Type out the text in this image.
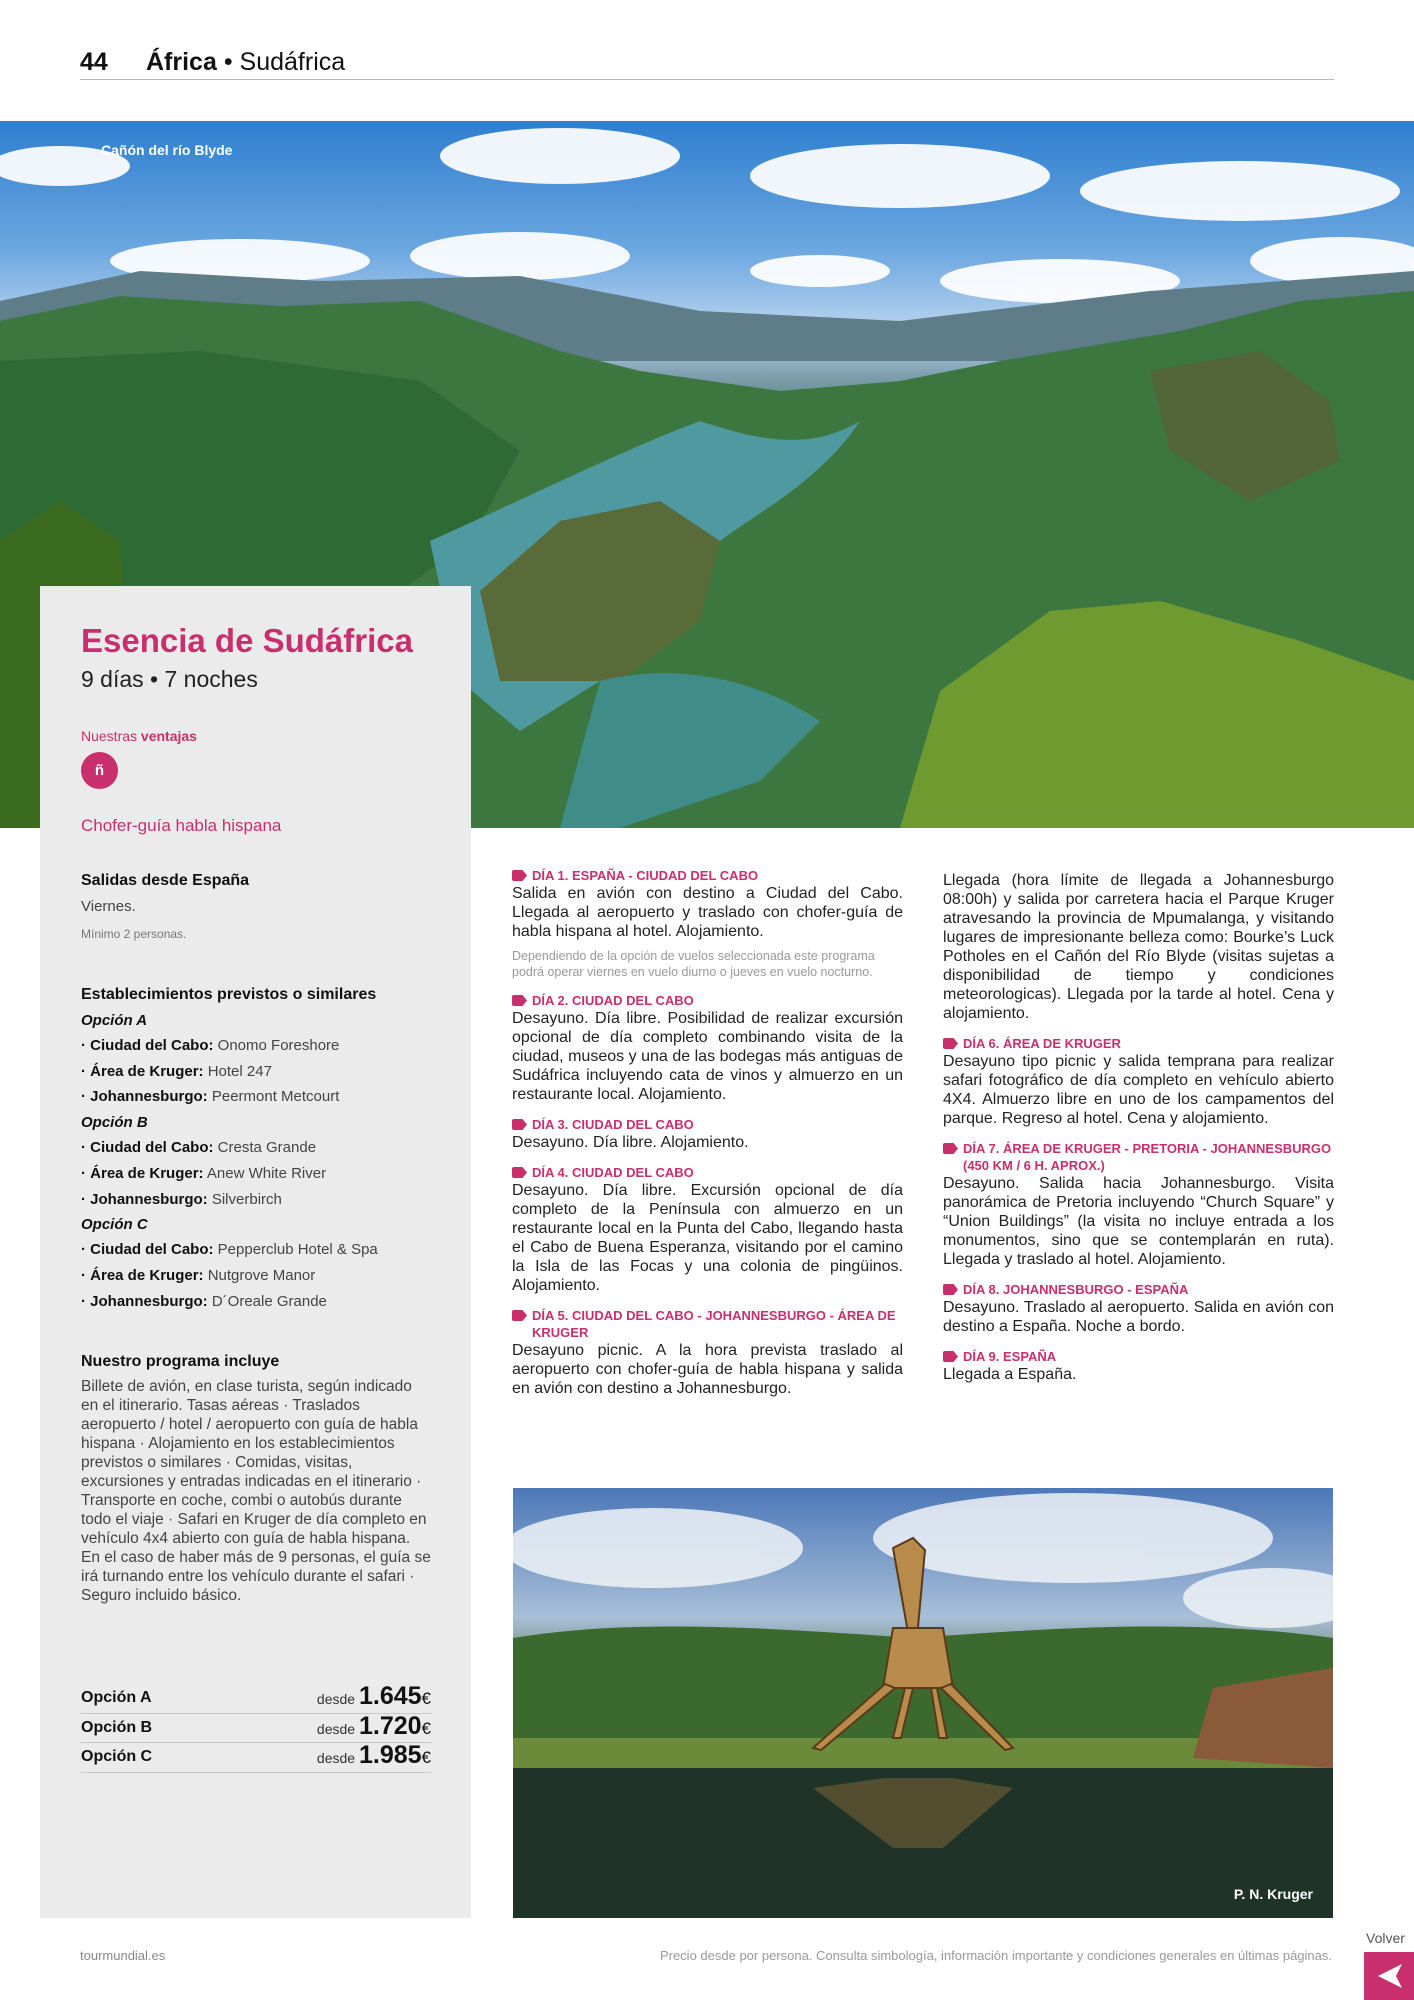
44 África • Sudáfrica
Cañón del río Blyde
Esencia de Sudáfrica
9 días • 7 noches
Nuestras ventajas
ñ
Chofer-guía habla hispana
Salidas desde España
Viernes.
Mínimo 2 personas.
Establecimientos previstos o similares
Opción A
· Ciudad del Cabo: Onomo Foreshore
· Área de Kruger: Hotel 247
· Johannesburgo: Peermont Metcourt
Opción B
· Ciudad del Cabo: Cresta Grande
· Área de Kruger: Anew White River
· Johannesburgo: Silverbirch
Opción C
· Ciudad del Cabo: Pepperclub Hotel & Spa
· Área de Kruger: Nutgrove Manor
· Johannesburgo: D´Oreale Grande
Nuestro programa incluye
Billete de avión, en clase turista, según indicado en el itinerario. Tasas aéreas · Traslados aeropuerto / hotel / aeropuerto con guía de habla hispana · Alojamiento en los establecimientos previstos o similares · Comidas, visitas, excursiones y entradas indicadas en el itinerario · Transporte en coche, combi o autobús durante todo el viaje · Safari en Kruger de día completo en vehículo 4x4 abierto con guía de habla hispana. En el caso de haber más de 9 personas, el guía se irá turnando entre los vehículo durante el safari · Seguro incluido básico.
Opción A	desde 1.645€
Opción B	desde 1.720€
Opción C	desde 1.985€
DÍA 1. ESPAÑA - CIUDAD DEL CABO
Salida en avión con destino a Ciudad del Cabo. Llegada al aeropuerto y traslado con chofer-guía de habla hispana al hotel. Alojamiento.
Dependiendo de la opción de vuelos seleccionada este programa podrá operar viernes en vuelo diurno o jueves en vuelo nocturno.
DÍA 2. CIUDAD DEL CABO
Desayuno. Día libre. Posibilidad de realizar excursión opcional de día completo combinando visita de la ciudad, museos y una de las bodegas más antiguas de Sudáfrica incluyendo cata de vinos y almuerzo en un restaurante local. Alojamiento.
DÍA 3. CIUDAD DEL CABO
Desayuno. Día libre. Alojamiento.
DÍA 4. CIUDAD DEL CABO
Desayuno. Día libre. Excursión opcional de día completo de la Península con almuerzo en un restaurante local en la Punta del Cabo, llegando hasta el Cabo de Buena Esperanza, visitando por el camino la Isla de las Focas y una colonia de pingüinos. Alojamiento.
DÍA 5. CIUDAD DEL CABO - JOHANNESBURGO - ÁREA DE KRUGER
Desayuno picnic. A la hora prevista traslado al aeropuerto con chofer-guía de habla hispana y salida en avión con destino a Johannesburgo.
Llegada (hora límite de llegada a Johannesburgo 08:00h) y salida por carretera hacia el Parque Kruger atravesando la provincia de Mpumalanga, y visitando lugares de impresionante belleza como: Bourke’s Luck Potholes en el Cañón del Río Blyde (visitas sujetas a disponibilidad de tiempo y condiciones meteorologicas). Llegada por la tarde al hotel. Cena y alojamiento.
DÍA 6. ÁREA DE KRUGER
Desayuno tipo picnic y salida temprana para realizar safari fotográfico de día completo en vehículo abierto 4X4. Almuerzo libre en uno de los campamentos del parque. Regreso al hotel. Cena y alojamiento.
DÍA 7. ÁREA DE KRUGER - PRETORIA - JOHANNESBURGO (450 KM / 6 H. APROX.)
Desayuno. Salida hacia Johannesburgo. Visita panorámica de Pretoria incluyendo “Church Square” y “Union Buildings” (la visita no incluye entrada a los monumentos, sino que se contemplarán en ruta). Llegada y traslado al hotel. Alojamiento.
DÍA 8. JOHANNESBURGO - ESPAÑA
Desayuno. Traslado al aeropuerto. Salida en avión con destino a España. Noche a bordo.
DÍA 9. ESPAÑA
Llegada a España.
P. N. Kruger
tourmundial.es	Precio desde por persona. Consulta simbología, información importante y condiciones generales en últimas páginas.
Volver
